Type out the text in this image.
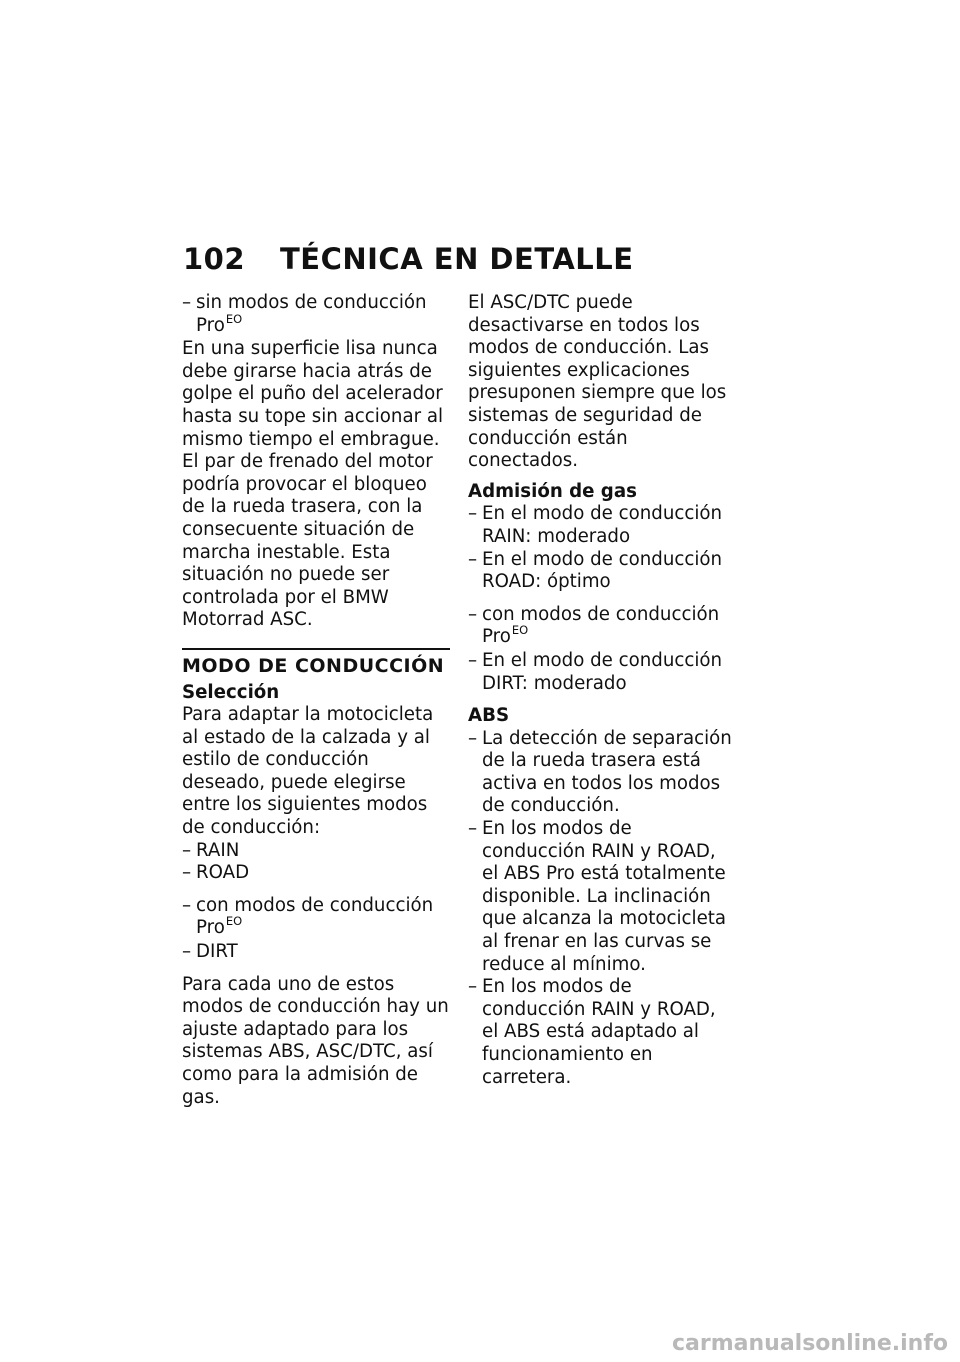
102 TÉCNICA EN DETALLE

– sin modos de conducción
Pro$^{EO}$

En una superficie lisa nunca debe girarse hacia atrás de golpe el puño del acelerador hasta su tope sin accionar al mismo tiempo el embrague. El par de frenado del motor podría provocar el bloqueo de la rueda trasera, con la consecuente situación de marcha inestable. Esta situación no puede ser controlada por el BMW Motorrad ASC.

MODO DE CONDUCCIÓN

Selección

Para adaptar la motocicleta al estado de la calzada y al estilo de conducción deseado, puede elegirse entre los siguientes modos de conducción:

– RAIN

– ROAD

– con modos de conducción
Pro$^{EO}$

– DIRT

Para cada uno de estos modos de conducción hay un ajuste adaptado para los sistemas ABS, ASC/DTC, así como para la admisión de gas.

El ASC/DTC puede desactivarse en todos los modos de conducción. Las siguientes explicaciones presuponen siempre que los sistemas de seguridad de conducción están conectados.

Admisión de gas

– En el modo de conducción RAIN: moderado

– En el modo de conducción ROAD: óptimo

– con modos de conducción
Pro$^{EO}$

– En el modo de conducción DIRT: moderado

ABS

– La detección de separación de la rueda trasera está activa en todos los modos de conducción.

– En los modos de conducción RAIN y ROAD, el ABS Pro está totalmente disponible. La inclinación que alcanza la motocicleta al frenar en las curvas se reduce al mínimo.

– En los modos de conducción RAIN y ROAD, el ABS está adaptado al funcionamiento en carretera.

carmanualsonline.info
